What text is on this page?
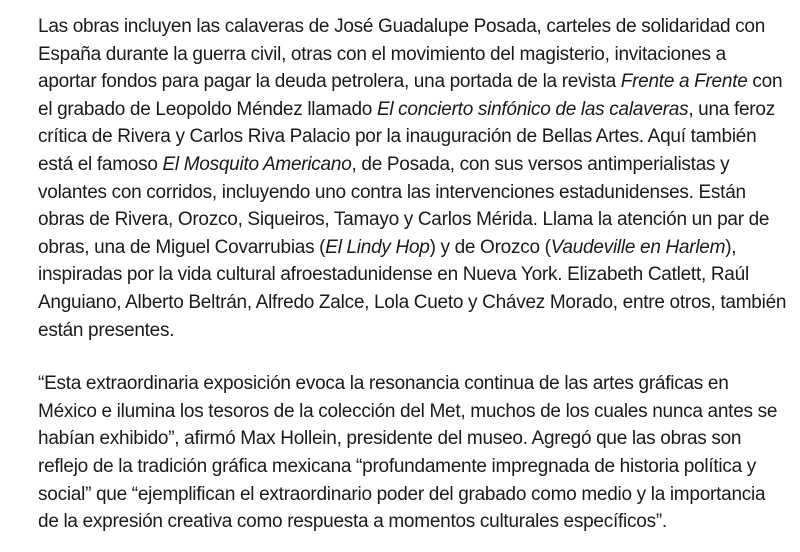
Las obras incluyen las calaveras de José Guadalupe Posada, carteles de solidaridad con España durante la guerra civil, otras con el movimiento del magisterio, invitaciones a aportar fondos para pagar la deuda petrolera, una portada de la revista Frente a Frente con el grabado de Leopoldo Méndez llamado El concierto sinfónico de las calaveras, una feroz crítica de Rivera y Carlos Riva Palacio por la inauguración de Bellas Artes. Aquí también está el famoso El Mosquito Americano, de Posada, con sus versos antimperialistas y volantes con corridos, incluyendo uno contra las intervenciones estadunidenses. Están obras de Rivera, Orozco, Siqueiros, Tamayo y Carlos Mérida. Llama la atención un par de obras, una de Miguel Covarrubias (El Lindy Hop) y de Orozco (Vaudeville en Harlem), inspiradas por la vida cultural afroestadunidense en Nueva York. Elizabeth Catlett, Raúl Anguiano, Alberto Beltrán, Alfredo Zalce, Lola Cueto y Chávez Morado, entre otros, también están presentes.

“Esta extraordinaria exposición evoca la resonancia continua de las artes gráficas en México e ilumina los tesoros de la colección del Met, muchos de los cuales nunca antes se habían exhibido”, afirmó Max Hollein, presidente del museo. Agregó que las obras son reflejo de la tradición gráfica mexicana “profundamente impregnada de historia política y social” que “ejemplifican el extraordinario poder del grabado como medio y la importancia de la expresión creativa como respuesta a momentos culturales específicos”.
